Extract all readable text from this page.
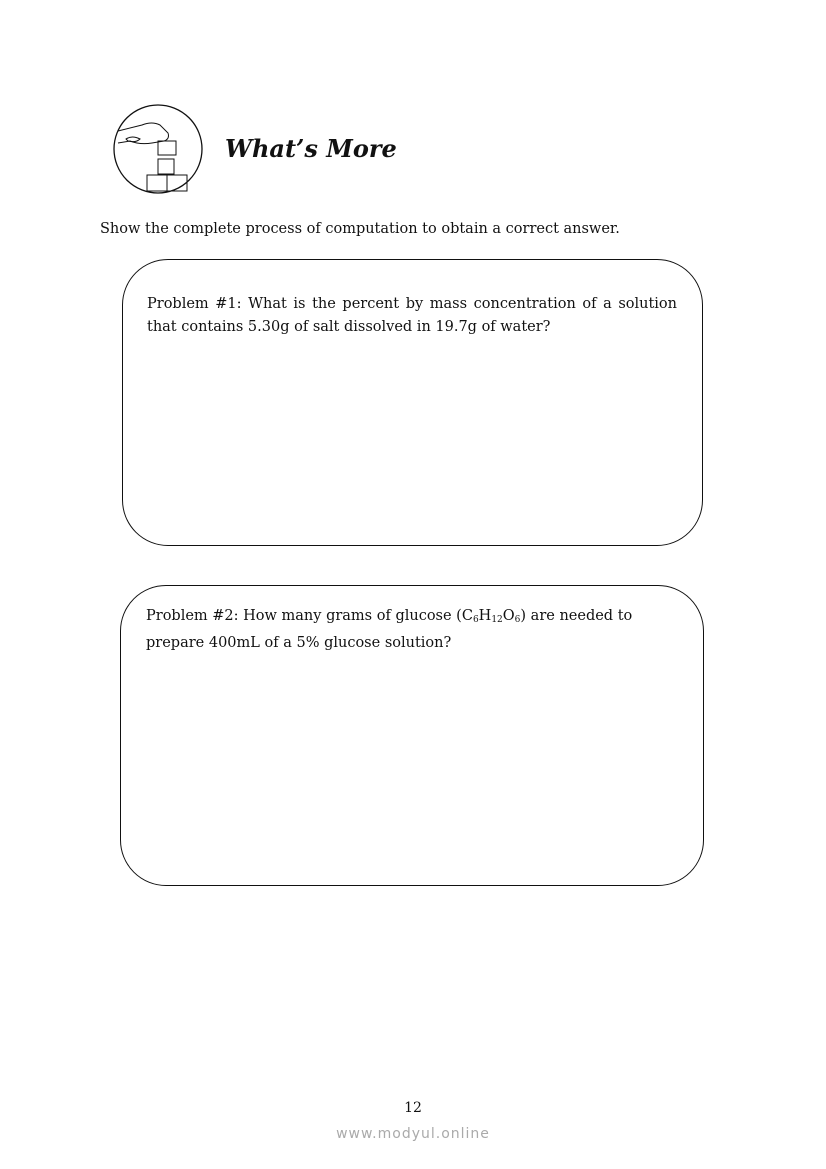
What’s More
Show the complete process of computation to obtain a correct answer.
Problem #1: What is the percent by mass concentration of a solution that contains 5.30g of salt dissolved in 19.7g of water?
Problem #2: How many grams of glucose $(C_6H_{12}O_6)$ are needed to prepare 400mL of a 5% glucose solution?
12
www.modyul.online
